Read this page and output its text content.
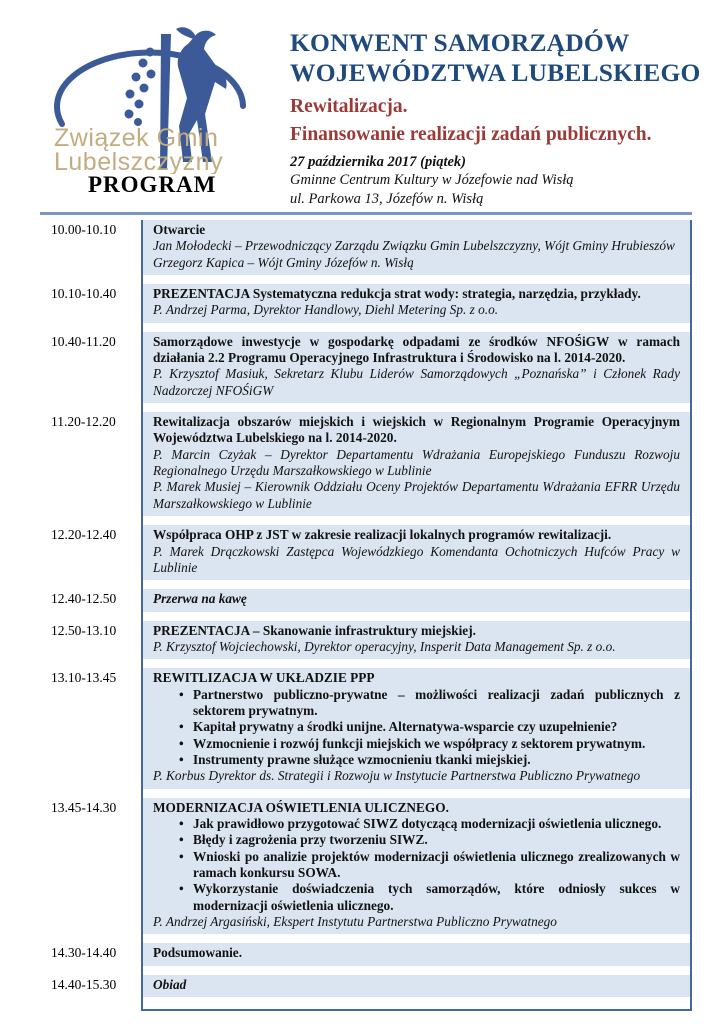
Związek Gmin
Lubelszczyzny
KONWENT SAMORZĄDÓW
WOJEWÓDZTWA LUBELSKIEGO
Rewitalizacja.
Finansowanie realizacji zadań publicznych.
27 października 2017 (piątek)
Gminne Centrum Kultury w Józefowie nad Wisłą
ul. Parkowa 13, Józefów n. Wisłą
PROGRAM
10.00-10.10	Otwarcie
Jan Mołodecki – Przewodniczący Zarządu Związku Gmin Lubelszczyzny, Wójt Gminy Hrubieszów
Grzegorz Kapica – Wójt Gminy Józefów n. Wisłą
10.10-10.40	PREZENTACJA Systematyczna redukcja strat wody: strategia, narzędzia, przykłady.
P. Andrzej Parma, Dyrektor Handlowy, Diehl Metering Sp. z o.o.
10.40-11.20	Samorządowe inwestycje w gospodarkę odpadami ze środków NFOŚiGW w ramach działania 2.2 Programu Operacyjnego Infrastruktura i Środowisko na l. 2014-2020.
P. Krzysztof Masiuk, Sekretarz Klubu Liderów Samorządowych „Poznańska” i Członek Rady Nadzorczej NFOŚiGW
11.20-12.20	Rewitalizacja obszarów miejskich i wiejskich w Regionalnym Programie Operacyjnym Województwa Lubelskiego na l. 2014-2020.
P. Marcin Czyżak – Dyrektor Departamentu Wdrażania Europejskiego Funduszu Rozwoju Regionalnego Urzędu Marszałkowskiego w Lublinie
P. Marek Musiej – Kierownik Oddziału Oceny Projektów Departamentu Wdrażania EFRR Urzędu Marszałkowskiego w Lublinie
12.20-12.40	Współpraca OHP z JST w zakresie realizacji lokalnych programów rewitalizacji.
P. Marek Drączkowski Zastępca Wojewódzkiego Komendanta Ochotniczych Hufców Pracy w Lublinie
12.40-12.50	Przerwa na kawę
12.50-13.10	PREZENTACJA – Skanowanie infrastruktury miejskiej.
P. Krzysztof Wojciechowski, Dyrektor operacyjny, Insperit Data Management Sp. z o.o.
13.10-13.45	REWITLIZACJA W UKŁADZIE PPP
• Partnerstwo publiczno-prywatne – możliwości realizacji zadań publicznych z sektorem prywatnym.
• Kapitał prywatny a środki unijne. Alternatywa-wsparcie czy uzupełnienie?
• Wzmocnienie i rozwój funkcji miejskich we współpracy z sektorem prywatnym.
• Instrumenty prawne służące wzmocnieniu tkanki miejskiej.
P. Korbus Dyrektor ds. Strategii i Rozwoju w Instytucie Partnerstwa Publiczno Prywatnego
13.45-14.30	MODERNIZACJA OŚWIETLENIA ULICZNEGO.
• Jak prawidłowo przygotować SIWZ dotyczącą modernizacji oświetlenia ulicznego.
• Błędy i zagrożenia przy tworzeniu SIWZ.
• Wnioski po analizie projektów modernizacji oświetlenia ulicznego zrealizowanych w ramach konkursu SOWA.
• Wykorzystanie doświadczenia tych samorządów, które odniosły sukces w modernizacji oświetlenia ulicznego.
P. Andrzej Argasiński, Ekspert Instytutu Partnerstwa Publiczno Prywatnego
14.30-14.40	Podsumowanie.
14.40-15.30	Obiad
